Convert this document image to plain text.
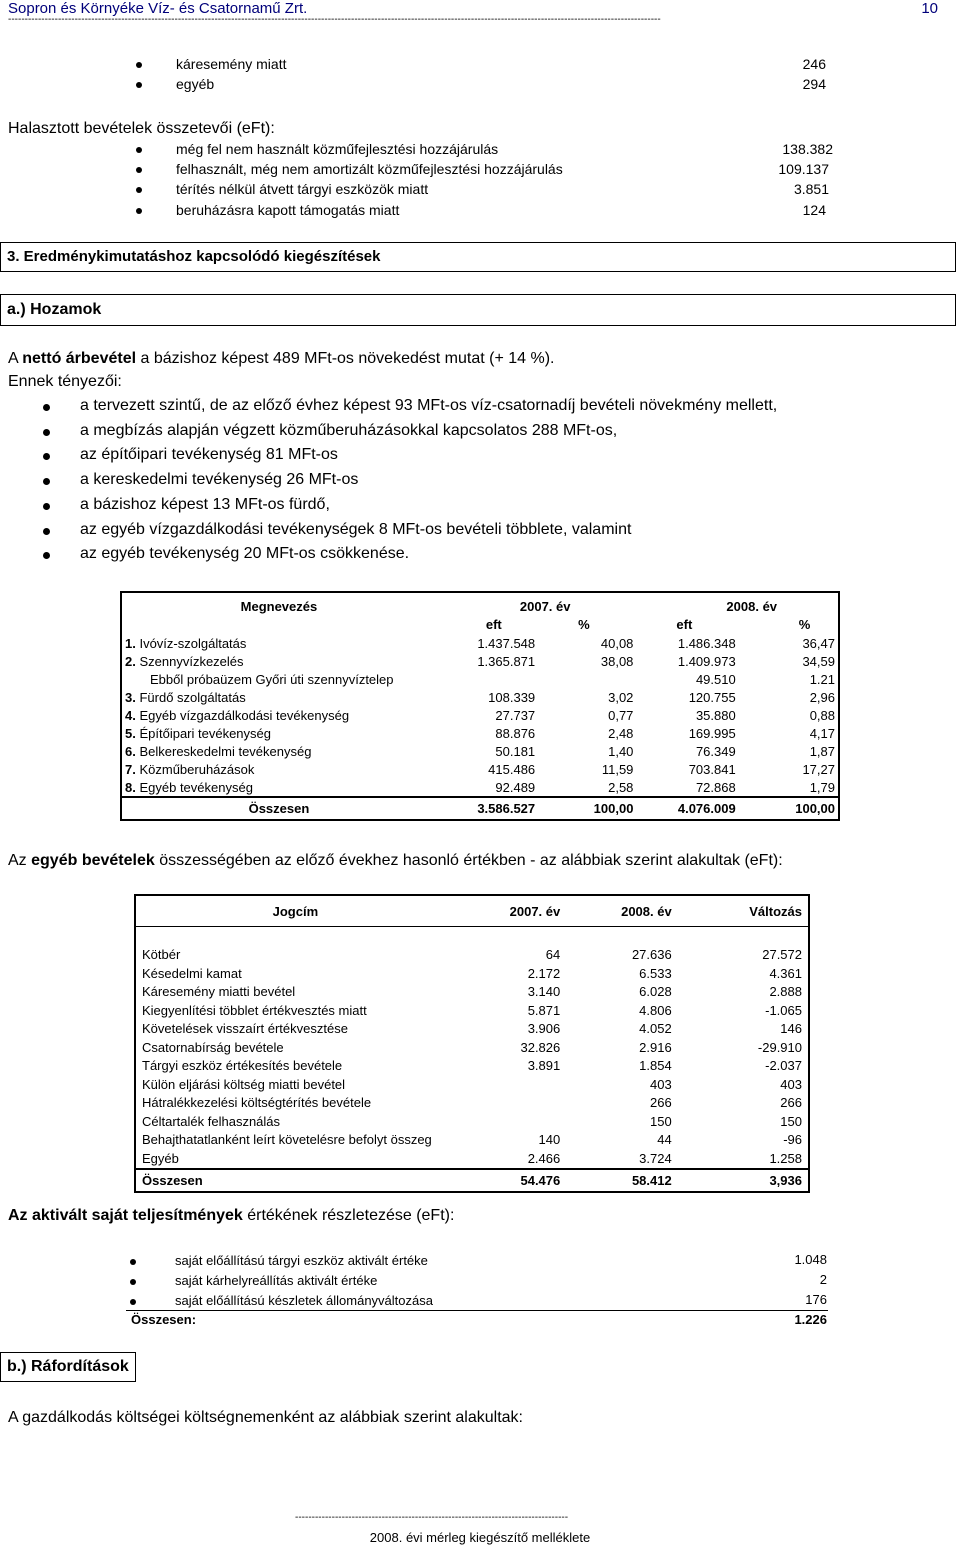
Sopron és Környéke Víz- és Csatornamű Zrt.	10
----------------------------------------------------------------------------------------------------------------------------------------------------------------------------------------------------
káresemény miatt	246
egyéb	294
Halasztott bevételek összetevői (eFt):
még fel nem használt közműfejlesztési hozzájárulás	138.382
felhasznált, még nem amortizált közműfejlesztési hozzájárulás	109.137
térítés nélkül átvett tárgyi eszközök miatt	3.851
beruházásra kapott támogatás miatt	124
3. Eredménykimutatáshoz kapcsolódó kiegészítések
a.) Hozamok
A nettó árbevétel a bázishoz képest 489 MFt-os növekedést mutat (+ 14 %).
Ennek tényezői:
a tervezett szintű, de az előző évhez képest 93 MFt-os víz-csatornadíj bevételi növekmény mellett,
a megbízás alapján végzett közműberuházásokkal kapcsolatos 288 MFt-os,
az építőipari tevékenység 81 MFt-os
a kereskedelmi tevékenység 26 MFt-os
a bázishoz képest 13 MFt-os fürdő,
az egyéb vízgazdálkodási tevékenységek 8 MFt-os bevételi többlete, valamint
az egyéb tevékenység 20 MFt-os csökkenése.
Megnevezés	2007. év		2008. év	
	eft	%	eft	%
1. Ivóvíz-szolgáltatás	1.437.548	40,08	1.486.348	36,47
2. Szennyvízkezelés	1.365.871	38,08	1.409.973	34,59
Ebből próbaüzem Győri úti szennyvíztelep			49.510	1.21
3. Fürdő szolgáltatás	108.339	3,02	120.755	2,96
4. Egyéb vízgazdálkodási tevékenység	27.737	0,77	35.880	0,88
5. Építőipari tevékenység	88.876	2,48	169.995	4,17
6. Belkereskedelmi tevékenység	50.181	1,40	76.349	1,87
7. Közműberuházások	415.486	11,59	703.841	17,27
8. Egyéb tevékenység	92.489	2,58	72.868	1,79
Összesen	3.586.527	100,00	4.076.009	100,00
Az egyéb bevételek összességében az előző évekhez hasonló értékben - az alábbiak szerint alakultak (eFt):
Jogcím	2007. év	2008. év	Változás

Kötbér	64	27.636	27.572
Késedelmi kamat	2.172	6.533	4.361
Káresemény miatti bevétel	3.140	6.028	2.888
Kiegyenlítési többlet értékvesztés miatt	5.871	4.806	-1.065
Követelések visszaírt értékvesztése	3.906	4.052	146
Csatornabírság bevétele	32.826	2.916	-29.910
Tárgyi eszköz értékesítés bevétele	3.891	1.854	-2.037
Külön eljárási költség miatti bevétel		403	403
Hátralékkezelési költségtérítés bevétele		266	266
Céltartalék felhasználás		150	150
Behajthatatlanként leírt követelésre befolyt összeg	140	44	-96
Egyéb	2.466	3.724	1.258
Összesen	54.476	58.412	3,936
Az aktivált saját teljesítmények értékének részletezése (eFt):
saját előállítású tárgyi eszköz aktivált értéke	1.048
saját kárhelyreállítás aktivált értéke	2
saját előállítású készletek állományváltozása	176
Összesen:	1.226
b.) Ráfordítások
A gazdálkodás költségei költségnemenként az alábbiak szerint alakultak:
----------------------------------------------------------------------------------
2008. évi mérleg kiegészítő melléklete
